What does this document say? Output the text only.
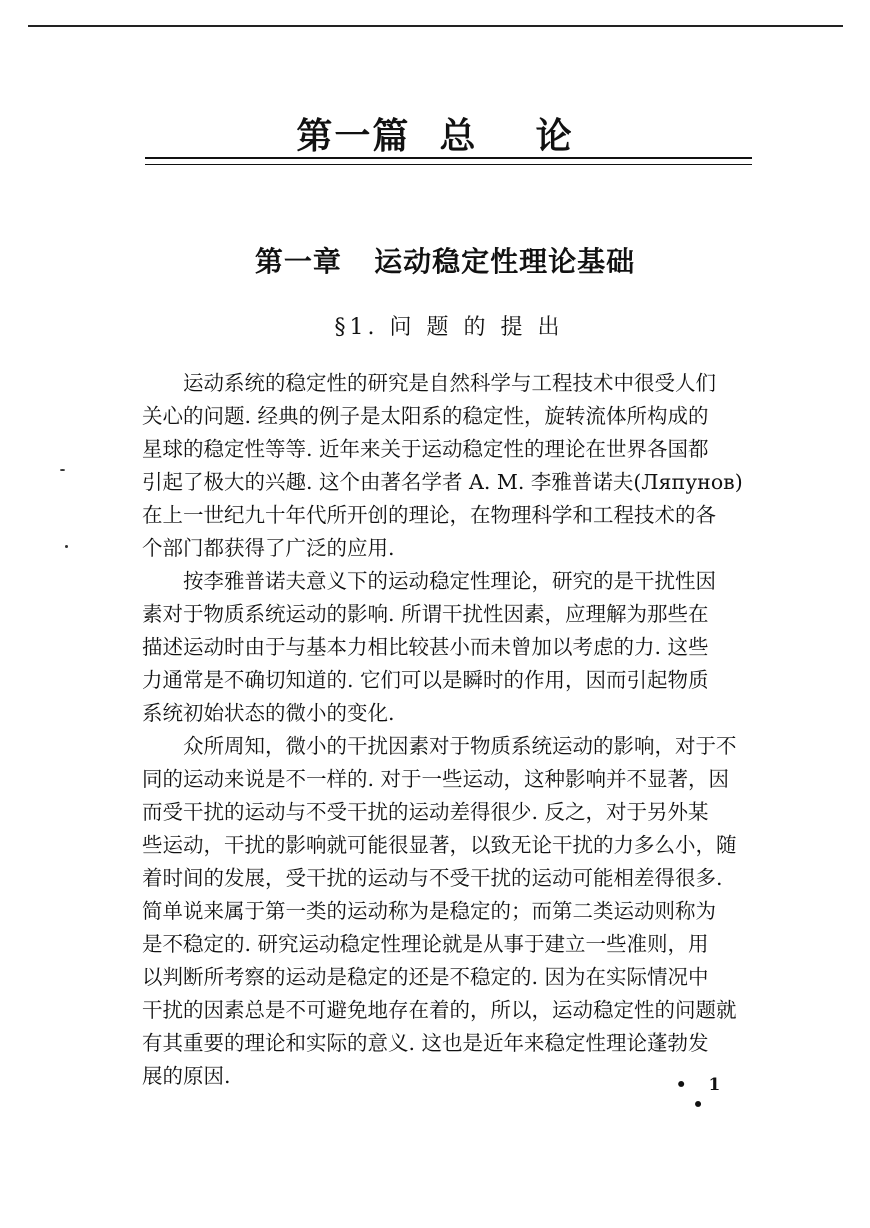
第一篇  总    论
第一章   运动稳定性理论基础
§1. 问 题 的 提 出

运动系统的稳定性的研究是自然科学与工程技术中很受人们
关心的问题. 经典的例子是太阳系的稳定性，旋转流体所构成的
星球的稳定性等等. 近年来关于运动稳定性的理论在世界各国都
引起了极大的兴趣. 这个由著名学者 A. M. 李雅普诺夫(Ляпунов)
在上一世纪九十年代所开创的理论，在物理科学和工程技术的各
个部门都获得了广泛的应用.

按李雅普诺夫意义下的运动稳定性理论，研究的是干扰性因
素对于物质系统运动的影响. 所谓干扰性因素，应理解为那些在
描述运动时由于与基本力相比较甚小而未曾加以考虑的力. 这些
力通常是不确切知道的. 它们可以是瞬时的作用，因而引起物质
系统初始状态的微小的变化.

众所周知，微小的干扰因素对于物质系统运动的影响，对于不
同的运动来说是不一样的. 对于一些运动，这种影响并不显著，因
而受干扰的运动与不受干扰的运动差得很少. 反之，对于另外某
些运动，干扰的影响就可能很显著，以致无论干扰的力多么小，随
着时间的发展，受干扰的运动与不受干扰的运动可能相差得很多.
简单说来属于第一类的运动称为是稳定的；而第二类运动则称为
是不稳定的. 研究运动稳定性理论就是从事于建立一些准则，用
以判断所考察的运动是稳定的还是不稳定的. 因为在实际情况中
干扰的因素总是不可避免地存在着的，所以，运动稳定性的问题就
有其重要的理论和实际的意义. 这也是近年来稳定性理论蓬勃发
展的原因.	• 1 •
